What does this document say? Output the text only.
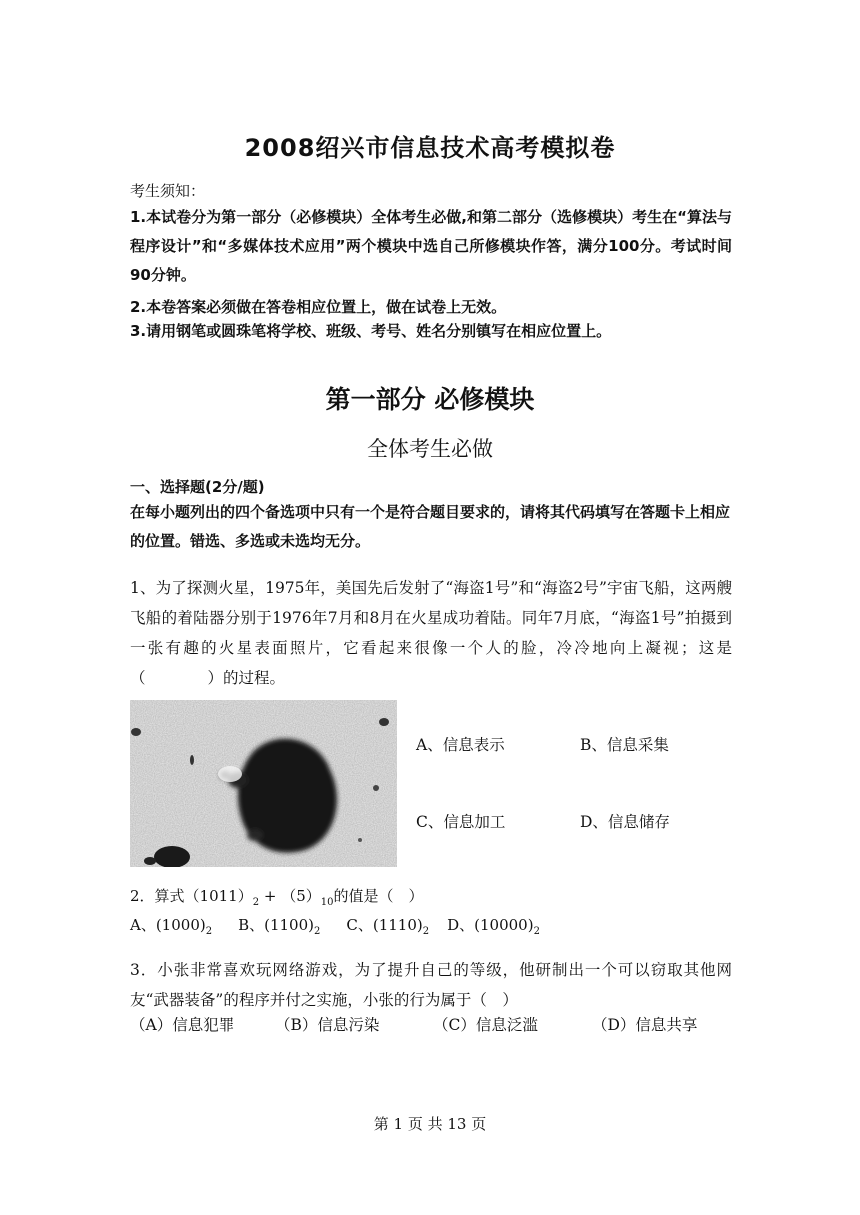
2008绍兴市信息技术高考模拟卷
考生须知：
1.本试卷分为第一部分（必修模块）全体考生必做,和第二部分（选修模块）考生在“算法与程序设计”和“多媒体技术应用”两个模块中选自己所修模块作答，满分100分。考试时间90分钟。
2.本卷答案必须做在答卷相应位置上，做在试卷上无效。
3.请用钢笔或圆珠笔将学校、班级、考号、姓名分别镇写在相应位置上。
第一部分 必修模块
全体考生必做
一、选择题(2分/题)
在每小题列出的四个备选项中只有一个是符合题目要求的，请将其代码填写在答题卡上相应的位置。错选、多选或未选均无分。
1、为了探测火星，1975年，美国先后发射了“海盗1号”和“海盗2号”宇宙飞船，这两艘飞船的着陆器分别于1976年7月和8月在火星成功着陆。同年7月底，“海盗1号”拍摄到一张有趣的火星表面照片，它看起来很像一个人的脸，冷冷地向上凝视；这是（　　　　）的过程。
A、信息表示	B、信息采集
C、信息加工	D、信息储存
2．算式$(1011)_2 + (5)_{10}$的值是（　）
A、$(1000)_2$ B、$(1100)_2$ C、$(1110)_2$ D、$(10000)_2$
3．小张非常喜欢玩网络游戏，为了提升自己的等级，他研制出一个可以窃取其他网友“武器装备”的程序并付之实施，小张的行为属于（　）
（A）信息犯罪	（B）信息污染	（C）信息泛滥	（D）信息共享
第 1 页 共 13 页
